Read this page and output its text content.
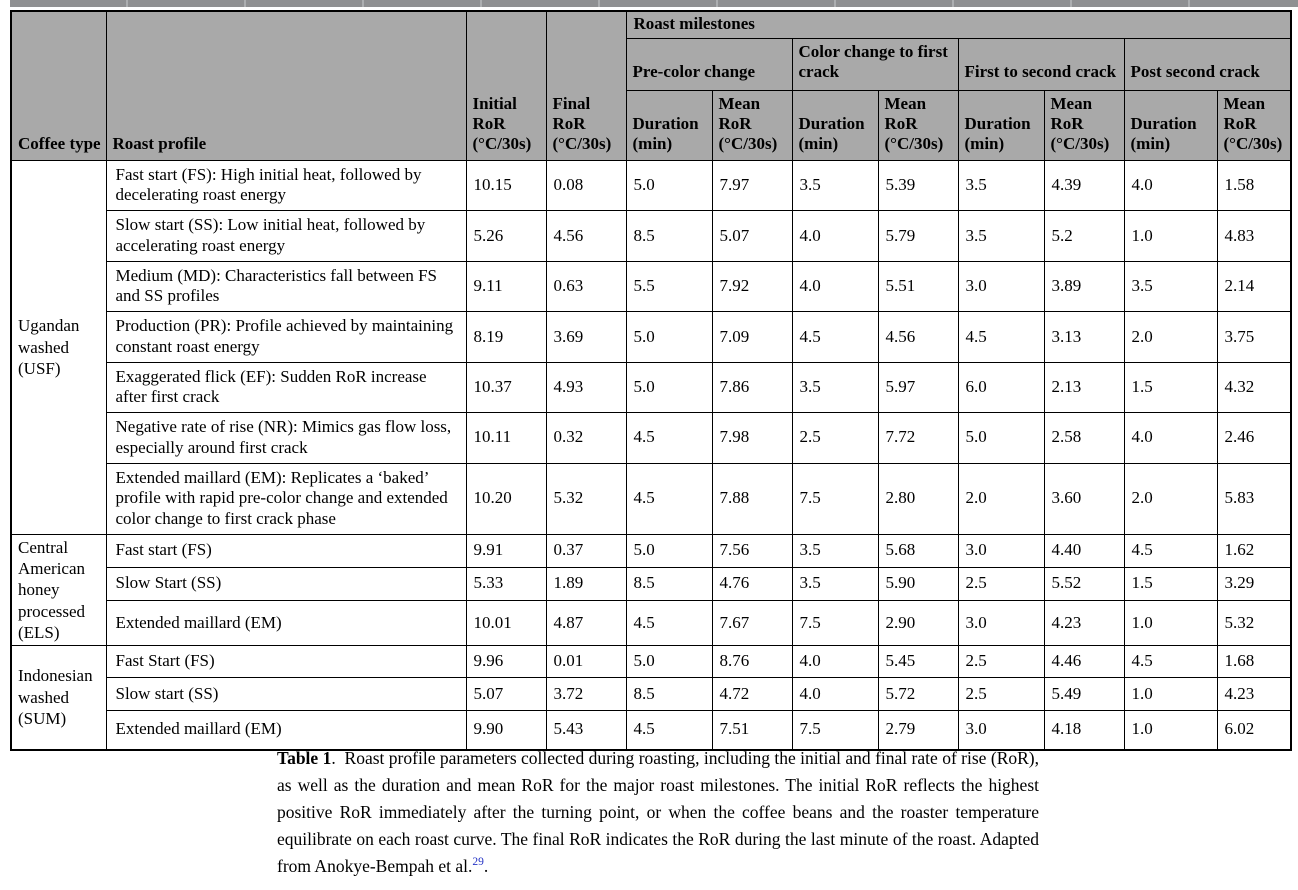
Coffee type	Roast profile	Initial RoR (°C/30s)	Final RoR (°C/30s)	Roast milestones							
				Pre-color change		Color change to first crack		First to second crack		Post second crack	
				Duration (min)	Mean RoR (°C/30s)	Duration (min)	Mean RoR (°C/30s)	Duration (min)	Mean RoR (°C/30s)	Duration (min)	Mean RoR (°C/30s)
Ugandan washed (USF)	Fast start (FS): High initial heat, followed by decelerating roast energy	10.15	0.08	5.0	7.97	3.5	5.39	3.5	4.39	4.0	1.58
	Slow start (SS): Low initial heat, followed by accelerating roast energy	5.26	4.56	8.5	5.07	4.0	5.79	3.5	5.2	1.0	4.83
	Medium (MD): Characteristics fall between FS and SS profiles	9.11	0.63	5.5	7.92	4.0	5.51	3.0	3.89	3.5	2.14
	Production (PR): Profile achieved by maintaining constant roast energy	8.19	3.69	5.0	7.09	4.5	4.56	4.5	3.13	2.0	3.75
	Exaggerated flick (EF): Sudden RoR increase after first crack	10.37	4.93	5.0	7.86	3.5	5.97	6.0	2.13	1.5	4.32
	Negative rate of rise (NR): Mimics gas flow loss, especially around first crack	10.11	0.32	4.5	7.98	2.5	7.72	5.0	2.58	4.0	2.46
	Extended maillard (EM): Replicates a ‘baked’ profile with rapid pre-color change and extended color change to first crack phase	10.20	5.32	4.5	7.88	7.5	2.80	2.0	3.60	2.0	5.83
Central American honey processed (ELS)	Fast start (FS)	9.91	0.37	5.0	7.56	3.5	5.68	3.0	4.40	4.5	1.62
	Slow Start (SS)	5.33	1.89	8.5	4.76	3.5	5.90	2.5	5.52	1.5	3.29
	Extended maillard (EM)	10.01	4.87	4.5	7.67	7.5	2.90	3.0	4.23	1.0	5.32
Indonesian washed (SUM)	Fast Start (FS)	9.96	0.01	5.0	8.76	4.0	5.45	2.5	4.46	4.5	1.68
	Slow start (SS)	5.07	3.72	8.5	4.72	4.0	5.72	2.5	5.49	1.0	4.23
	Extended maillard (EM)	9.90	5.43	4.5	7.51	7.5	2.79	3.0	4.18	1.0	6.02

Table 1.  Roast profile parameters collected during roasting, including the initial and final rate of rise (RoR), as well as the duration and mean RoR for the major roast milestones. The initial RoR reflects the highest positive RoR immediately after the turning point, or when the coffee beans and the roaster temperature equilibrate on each roast curve. The final RoR indicates the RoR during the last minute of the roast. Adapted from Anokye-Bempah et al.$^{29}$.
